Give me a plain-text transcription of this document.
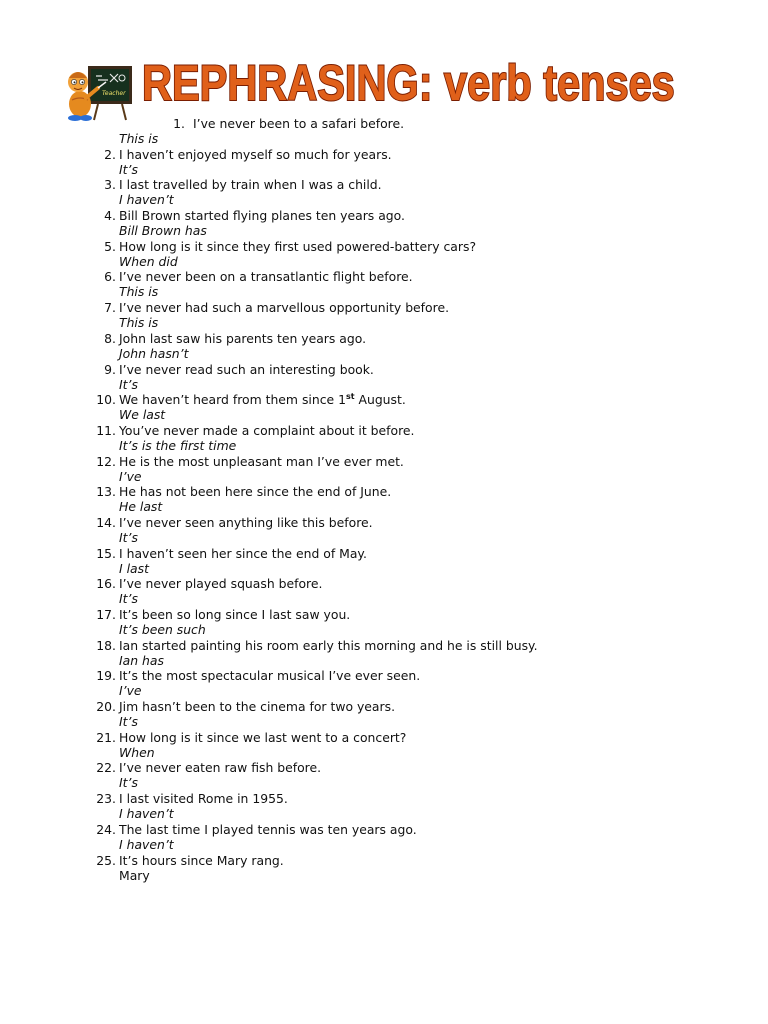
Teacher REPHRASING: verb tenses
1. I’ve never been to a safari before.
This is
2. I haven’t enjoyed myself so much for years.
It’s
3. I last travelled by train when I was a child.
I haven’t
4. Bill Brown started flying planes ten years ago.
Bill Brown has
5. How long is it since they first used powered-battery cars?
When did
6. I’ve never been on a transatlantic flight before.
This is
7. I’ve never had such a marvellous opportunity before.
This is
8. John last saw his parents ten years ago.
John hasn’t
9. I’ve never read such an interesting book.
It’s
10. We haven’t heard from them since 1st August.
We last
11. You’ve never made a complaint about it before.
It’s is the first time
12. He is the most unpleasant man I’ve ever met.
I’ve
13. He has not been here since the end of June.
He last
14. I’ve never seen anything like this before.
It’s
15. I haven’t seen her since the end of May.
I last
16. I’ve never played squash before.
It’s
17. It’s been so long since I last saw you.
It’s been such
18. Ian started painting his room early this morning and he is still busy.
Ian has
19. It’s the most spectacular musical I’ve ever seen.
I’ve
20. Jim hasn’t been to the cinema for two years.
It’s
21. How long is it since we last went to a concert?
When
22. I’ve never eaten raw fish before.
It’s
23. I last visited Rome in 1955.
I haven’t
24. The last time I played tennis was ten years ago.
I haven’t
25. It’s hours since Mary rang.
Mary
